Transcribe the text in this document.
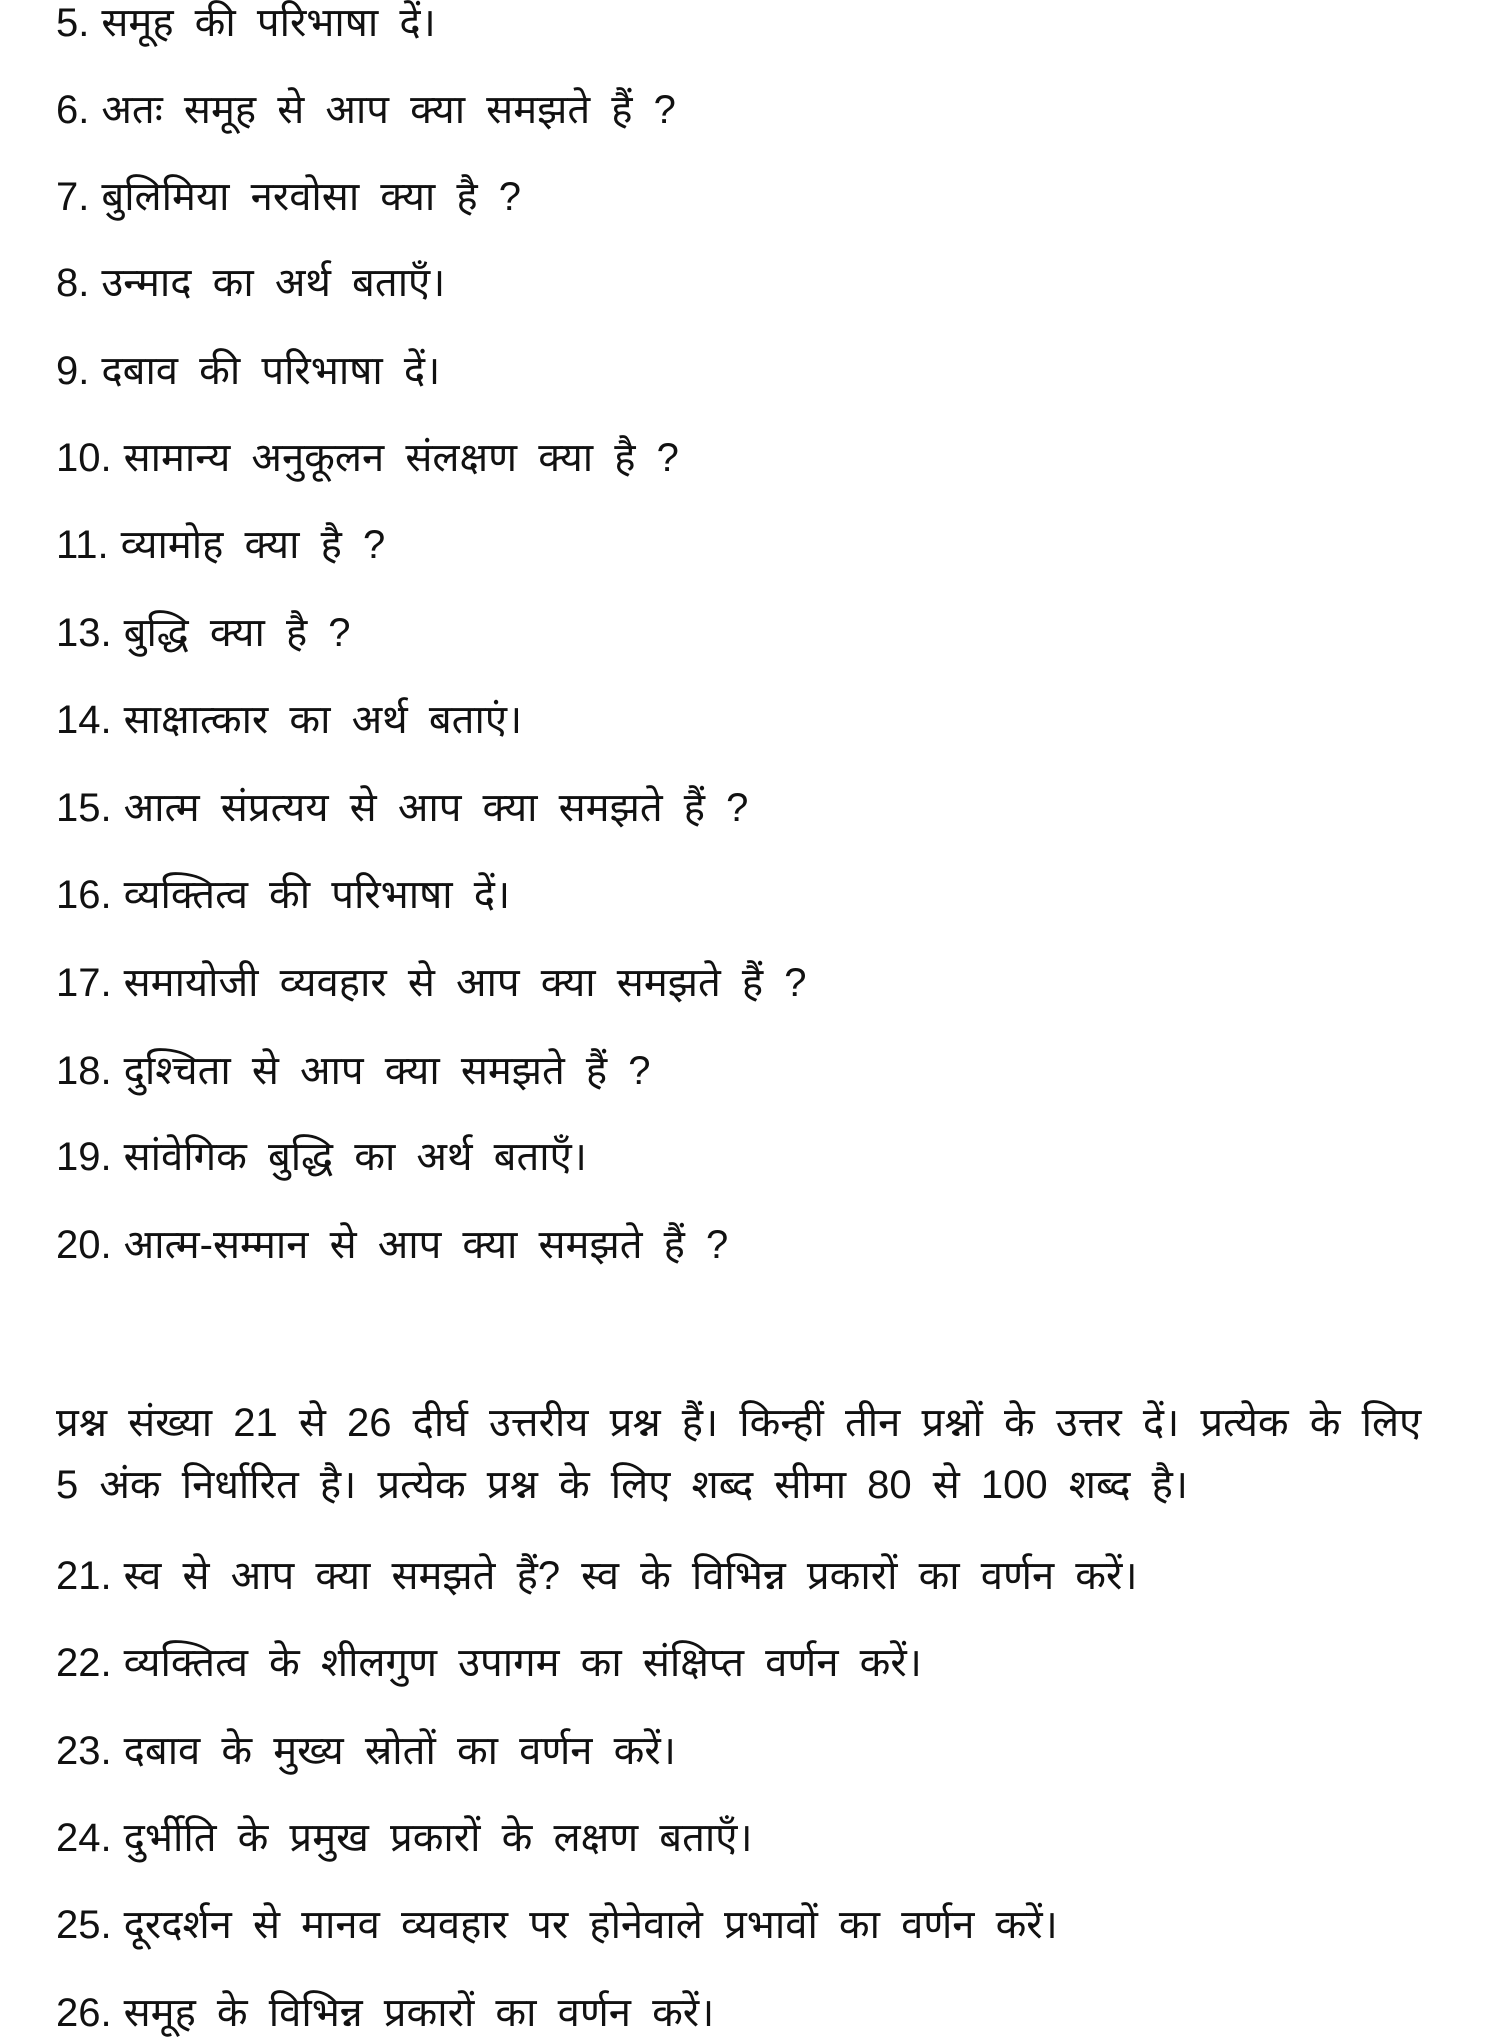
5. समूह की परिभाषा दें।
6. अतः समूह से आप क्या समझते हैं ?
7. बुलिमिया नरवोसा क्या है ?
8. उन्माद का अर्थ बताएँ।
9. दबाव की परिभाषा दें।
10. सामान्य अनुकूलन संलक्षण क्या है ?
11. व्यामोह क्या है ?
13. बुद्धि क्या है ?
14. साक्षात्कार का अर्थ बताएं।
15. आत्म संप्रत्यय से आप क्या समझते हैं ?
16. व्यक्तित्व की परिभाषा दें।
17. समायोजी व्यवहार से आप क्या समझते हैं ?
18. दुश्चिता से आप क्या समझते हैं ?
19. सांवेगिक बुद्धि का अर्थ बताएँ।
20. आत्म-सम्मान से आप क्या समझते हैं ?
प्रश्न संख्या 21 से 26 दीर्घ उत्तरीय प्रश्न हैं। किन्हीं तीन प्रश्नों के उत्तर दें। प्रत्येक के लिए 5 अंक निर्धारित है। प्रत्येक प्रश्न के लिए शब्द सीमा 80 से 100 शब्द है।
21. स्व से आप क्या समझते हैं? स्व के विभिन्न प्रकारों का वर्णन करें।
22. व्यक्तित्व के शीलगुण उपागम का संक्षिप्त वर्णन करें।
23. दबाव के मुख्य स्रोतों का वर्णन करें।
24. दुर्भीति के प्रमुख प्रकारों के लक्षण बताएँ।
25. दूरदर्शन से मानव व्यवहार पर होनेवाले प्रभावों का वर्णन करें।
26. समूह के विभिन्न प्रकारों का वर्णन करें।
